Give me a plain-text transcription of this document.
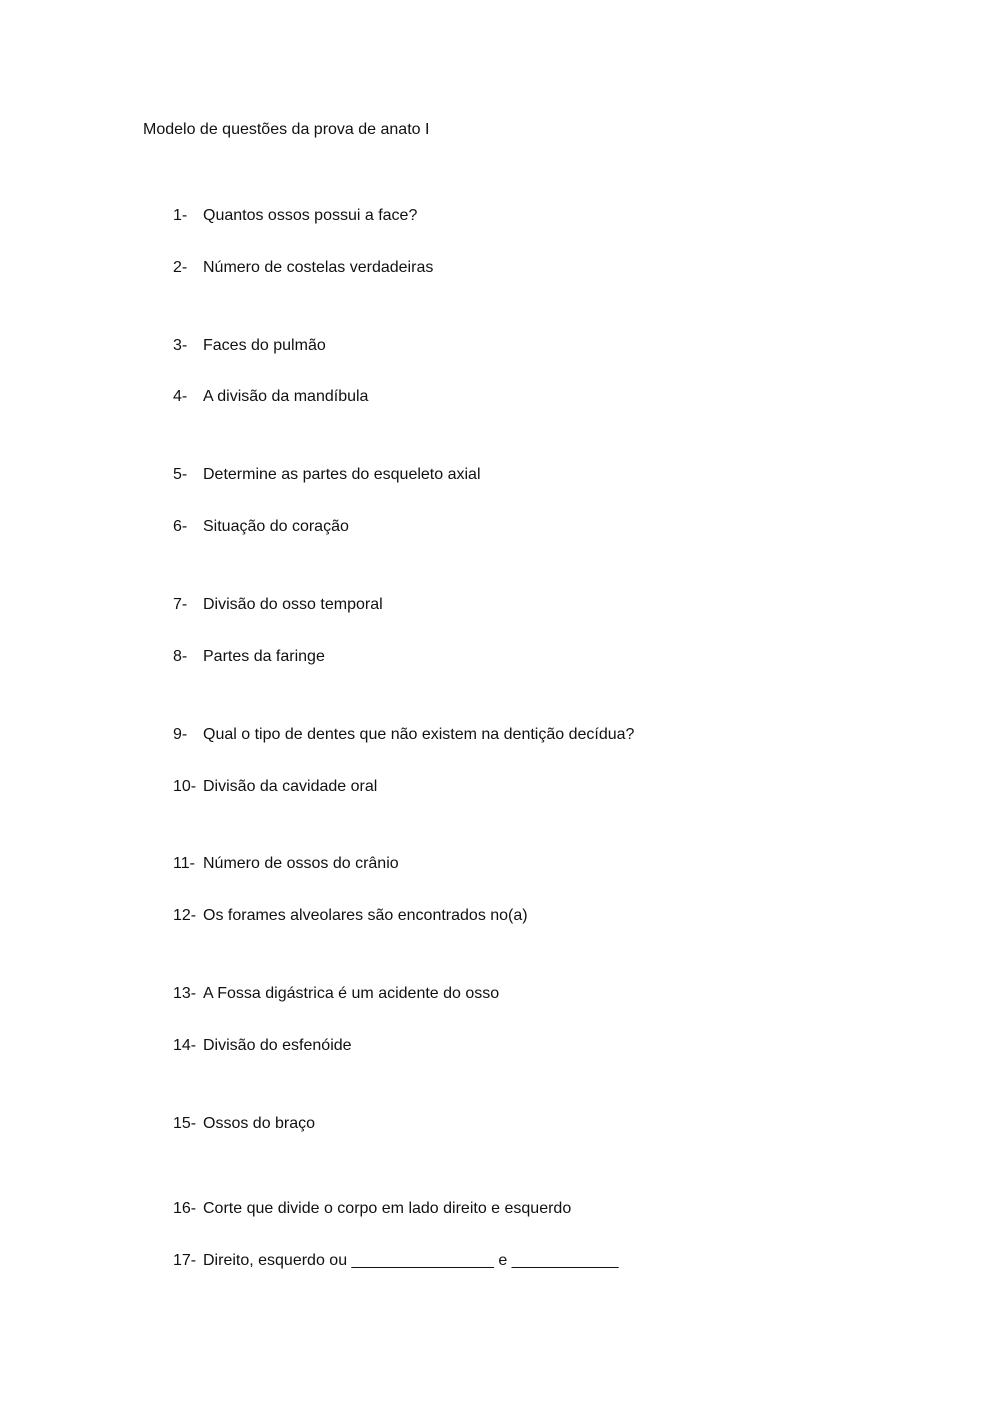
Modelo de questões da prova de anato I
1- Quantos ossos possui a face?
2- Número de costelas verdadeiras
3- Faces do pulmão
4- A divisão da mandíbula
5- Determine as partes do esqueleto axial
6- Situação do coração
7- Divisão do osso temporal
8- Partes da faringe
9- Qual o tipo de dentes que não existem na dentição decídua?
10- Divisão da cavidade oral
11- Número de ossos do crânio
12- Os forames alveolares são encontrados no(a)
13- A Fossa digástrica é um acidente do osso
14- Divisão do esfenóide
15- Ossos do braço
16- Corte que divide o corpo em lado direito e esquerdo
17- Direito, esquerdo ou ________________ e ____________
